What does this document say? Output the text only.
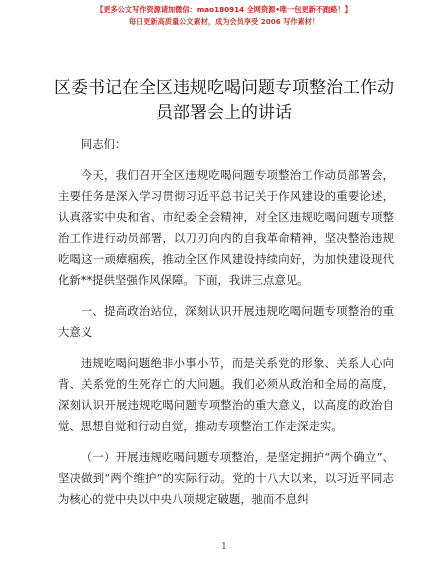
【更多公文写作资源请加微信：mao180914 全网资源•唯一包更新不跑路！】
每日更新高质量公文素材，成为会员享受 2006 写作素材！
区委书记在全区违规吃喝问题专项整治工作动
员部署会上的讲话

同志们：

今天，我们召开全区违规吃喝问题专项整治工作动员部署会，主要任务是深入学习贯彻习近平总书记关于作风建设的重要论述，认真落实中央和省、市纪委全会精神，对全区违规吃喝问题专项整治工作进行动员部署，以刀刃向内的自我革命精神，坚决整治违规吃喝这一顽瘴痼疾，推动全区作风建设持续向好，为加快建设现代化新**提供坚强作风保障。下面，我讲三点意见。

一、提高政治站位，深刻认识开展违规吃喝问题专项整治的重大意义

违规吃喝问题绝非小事小节，而是关系党的形象、关系人心向背、关系党的生死存亡的大问题。我们必须从政治和全局的高度，深刻认识开展违规吃喝问题专项整治的重大意义，以高度的政治自觉、思想自觉和行动自觉，推动专项整治工作走深走实。

（一）开展违规吃喝问题专项整治，是坚定拥护“两个确立”、坚决做到“两个维护”的实际行动。党的十八大以来，以习近平同志为核心的党中央以中央八项规定破题，驰而不息纠

1
